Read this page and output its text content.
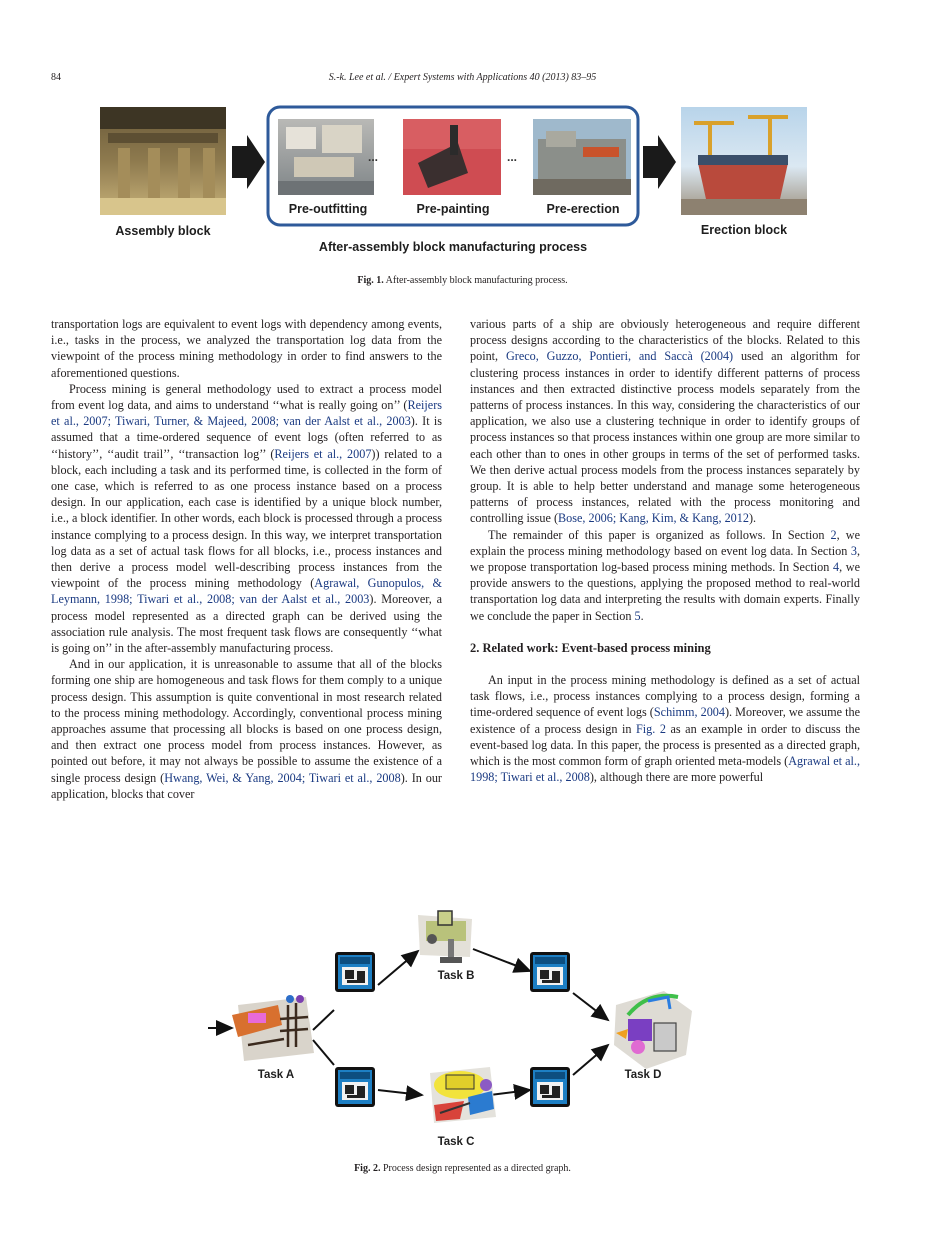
84	S.-k. Lee et al. / Expert Systems with Applications 40 (2013) 83–95
...	...
Assembly block
Pre-outfitting	Pre-painting	Pre-erection
Erection block
After-assembly block manufacturing process
Fig. 1. After-assembly block manufacturing process.

transportation logs are equivalent to event logs with dependency among events, i.e., tasks in the process, we analyzed the transportation log data from the viewpoint of the process mining methodology in order to find answers to the aforementioned questions.

Process mining is general methodology used to extract a process model from event log data, and aims to understand ‘‘what is really going on’’ (Reijers et al., 2007; Tiwari, Turner, & Majeed, 2008; van der Aalst et al., 2003). It is assumed that a time-ordered sequence of event logs (often referred to as ‘‘history’’, ‘‘audit trail’’, ‘‘transaction log’’ (Reijers et al., 2007)) related to a block, each including a task and its performed time, is collected in the form of one case, which is referred to as one process instance based on a process design. In our application, each case is identified by a unique block number, i.e., a block identifier. In other words, each block is processed through a process instance complying to a process design. In this way, we interpret transportation log data as a set of actual task flows for all blocks, i.e., process instances and then derive a process model well-describing process instances from the viewpoint of the process mining methodology (Agrawal, Gunopulos, & Leymann, 1998; Tiwari et al., 2008; van der Aalst et al., 2003). Moreover, a process model represented as a directed graph can be derived using the association rule analysis. The most frequent task flows are consequently ‘‘what is going on’’ in the after-assembly manufacturing process.

And in our application, it is unreasonable to assume that all of the blocks forming one ship are homogeneous and task flows for them comply to a unique process design. This assumption is quite conventional in most research related to the process mining methodology. Accordingly, conventional process mining approaches assume that processing all blocks is based on one process design, and then extract one process model from process instances. However, as pointed out before, it may not always be possible to assume the existence of a single process design (Hwang, Wei, & Yang, 2004; Tiwari et al., 2008). In our application, blocks that cover

various parts of a ship are obviously heterogeneous and require different process designs according to the characteristics of the blocks. Related to this point, Greco, Guzzo, Pontieri, and Saccà (2004) used an algorithm for clustering process instances in order to identify different patterns of process instances and then extracted distinctive process models separately from the patterns of process instances. In this way, considering the characteristics of our application, we also use a clustering technique in order to identify groups of process instances so that process instances within one group are more similar to each other than to ones in other groups in terms of the set of performed tasks. We then derive actual process models from the process instances separately by group. It is able to help better understand and manage some heterogeneous patterns of process instances, related with the process monitoring and controlling issue (Bose, 2006; Kang, Kim, & Kang, 2012).

The remainder of this paper is organized as follows. In Section 2, we explain the process mining methodology based on event log data. In Section 3, we propose transportation log-based process mining methods. In Section 4, we provide answers to the questions, applying the proposed method to real-world transportation log data and interpreting the results with domain experts. Finally we conclude the paper in Section 5.

2. Related work: Event-based process mining

An input in the process mining methodology is defined as a set of actual task flows, i.e., process instances complying to a process design, forming a time-ordered sequence of event logs (Schimm, 2004). Moreover, we assume the existence of a process design in Fig. 2 as an example in order to discuss the event-based log data. In this paper, the process is presented as a directed graph, which is the most common form of graph oriented meta-models (Agrawal et al., 1998; Tiwari et al., 2008), although there are more powerful

Task A
Task B
Task C
Task D
Fig. 2. Process design represented as a directed graph.
